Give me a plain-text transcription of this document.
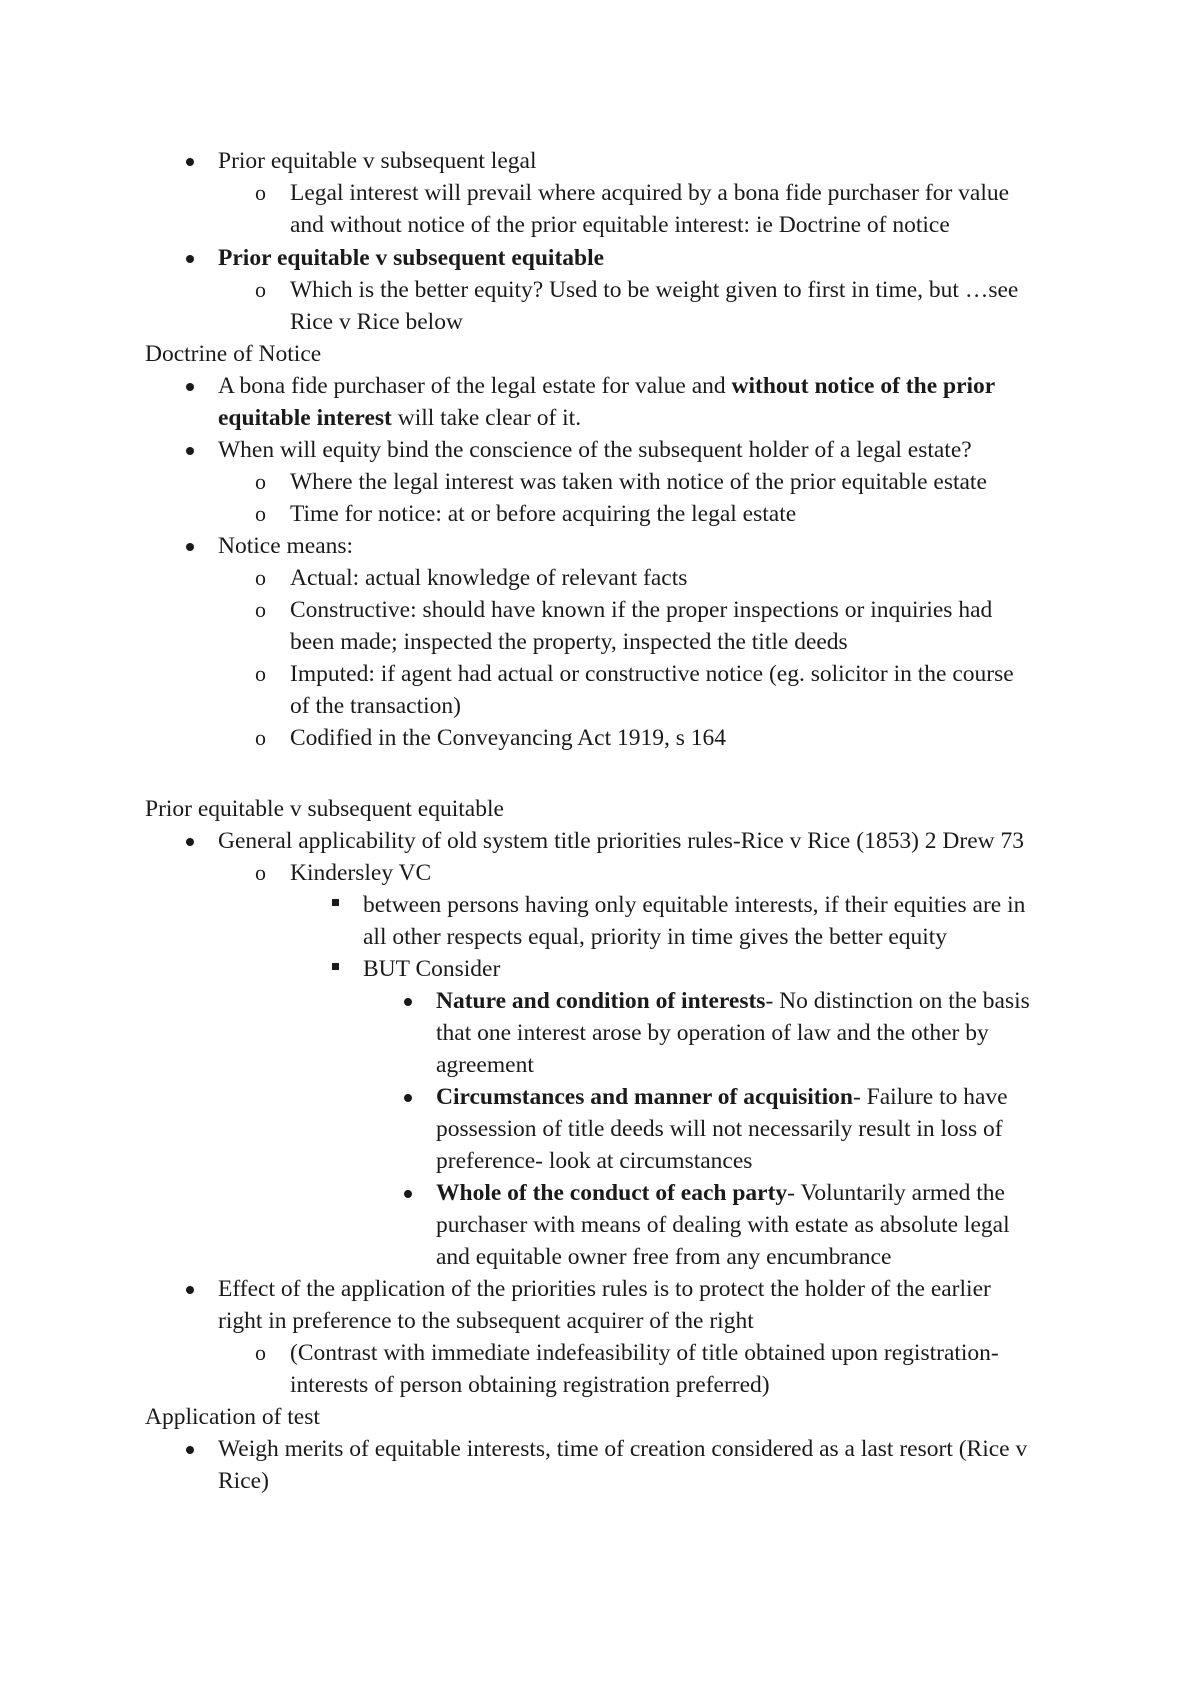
Prior equitable v subsequent legal
o Legal interest will prevail where acquired by a bona fide purchaser for value
and without notice of the prior equitable interest: ie Doctrine of notice
Prior equitable v subsequent equitable
o Which is the better equity? Used to be weight given to first in time, but …see
Rice v Rice below
Doctrine of Notice
A bona fide purchaser of the legal estate for value and without notice of the prior
equitable interest will take clear of it.
When will equity bind the conscience of the subsequent holder of a legal estate?
o Where the legal interest was taken with notice of the prior equitable estate
o Time for notice: at or before acquiring the legal estate
Notice means:
o Actual: actual knowledge of relevant facts
o Constructive: should have known if the proper inspections or inquiries had
been made; inspected the property, inspected the title deeds
o Imputed: if agent had actual or constructive notice (eg. solicitor in the course
of the transaction)
o Codified in the Conveyancing Act 1919, s 164
Prior equitable v subsequent equitable
General applicability of old system title priorities rules-Rice v Rice (1853) 2 Drew 73
o Kindersley VC
between persons having only equitable interests, if their equities are in
all other respects equal, priority in time gives the better equity
BUT Consider
Nature and condition of interests- No distinction on the basis
that one interest arose by operation of law and the other by
agreement
Circumstances and manner of acquisition- Failure to have
possession of title deeds will not necessarily result in loss of
preference- look at circumstances
Whole of the conduct of each party- Voluntarily armed the
purchaser with means of dealing with estate as absolute legal
and equitable owner free from any encumbrance
Effect of the application of the priorities rules is to protect the holder of the earlier
right in preference to the subsequent acquirer of the right
o (Contrast with immediate indefeasibility of title obtained upon registration-
interests of person obtaining registration preferred)
Application of test
Weigh merits of equitable interests, time of creation considered as a last resort (Rice v
Rice)
